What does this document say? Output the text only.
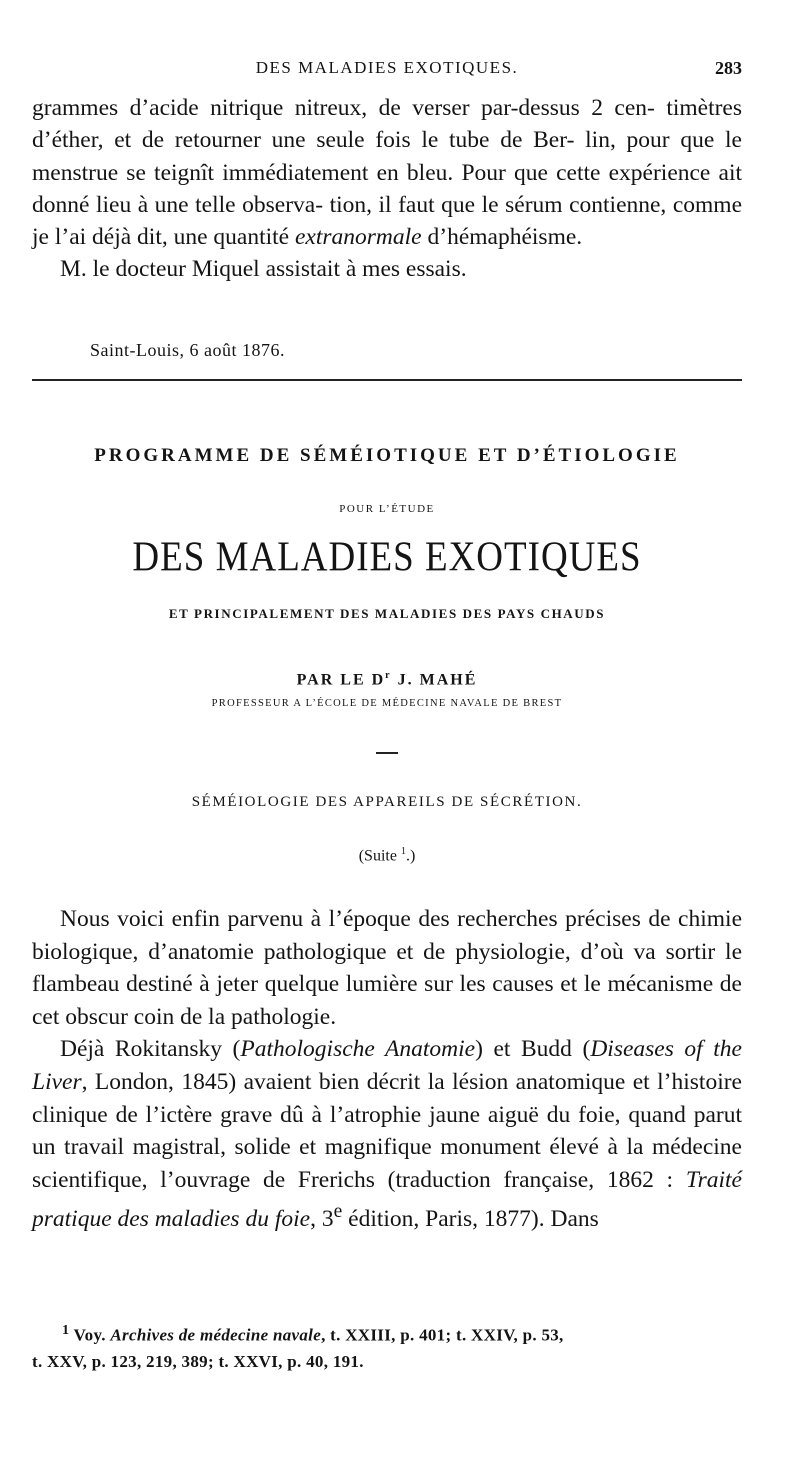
DES MALADIES EXOTIQUES.	283

grammes d’acide nitrique nitreux, de verser par-dessus 2 cen- timètres d’éther, et de retourner une seule fois le tube de Ber- lin, pour que le menstrue se teignît immédiatement en bleu. Pour que cette expérience ait donné lieu à une telle observa- tion, il faut que le sérum contienne, comme je l’ai déjà dit, une quantité extranormale d’hémaphéisme.

M. le docteur Miquel assistait à mes essais.

Saint-Louis, 6 août 1876.
PROGRAMME DE SÉMÉIOTIQUE ET D’ÉTIOLOGIE
POUR L’ÉTUDE
DES MALADIES EXOTIQUES
ET PRINCIPALEMENT DES MALADIES DES PAYS CHAUDS
PAR LE $D^r$ J. MAHÉ
PROFESSEUR A L’ÉCOLE DE MÉDECINE NAVALE DE BREST
SÉMÉIOLOGIE DES APPAREILS DE SÉCRÉTION.
(Suite $^1$.)

Nous voici enfin parvenu à l’époque des recherches précises de chimie biologique, d’anatomie pathologique et de physiologie, d’où va sortir le flambeau destiné à jeter quelque lumière sur les causes et le mécanisme de cet obscur coin de la pathologie.

Déjà Rokitansky (Pathologische Anatomie) et Budd (Diseases of the Liver, London, 1845) avaient bien décrit la lésion anatomique et l’histoire clinique de l’ictère grave dû à l’atrophie jaune aiguë du foie, quand parut un travail magistral, solide et magnifique monument élevé à la médecine scientifique, l’ouvrage de Frerichs (traduction française, 1862 : Traité pratique des maladies du foie, 3e édition, Paris, 1877). Dans

$^1$ Voy. Archives de médecine navale, t. XXIII, p. 401; t. XXIV, p. 53,
t. XXV, p. 123, 219, 389; t. XXVI, p. 40, 191.
